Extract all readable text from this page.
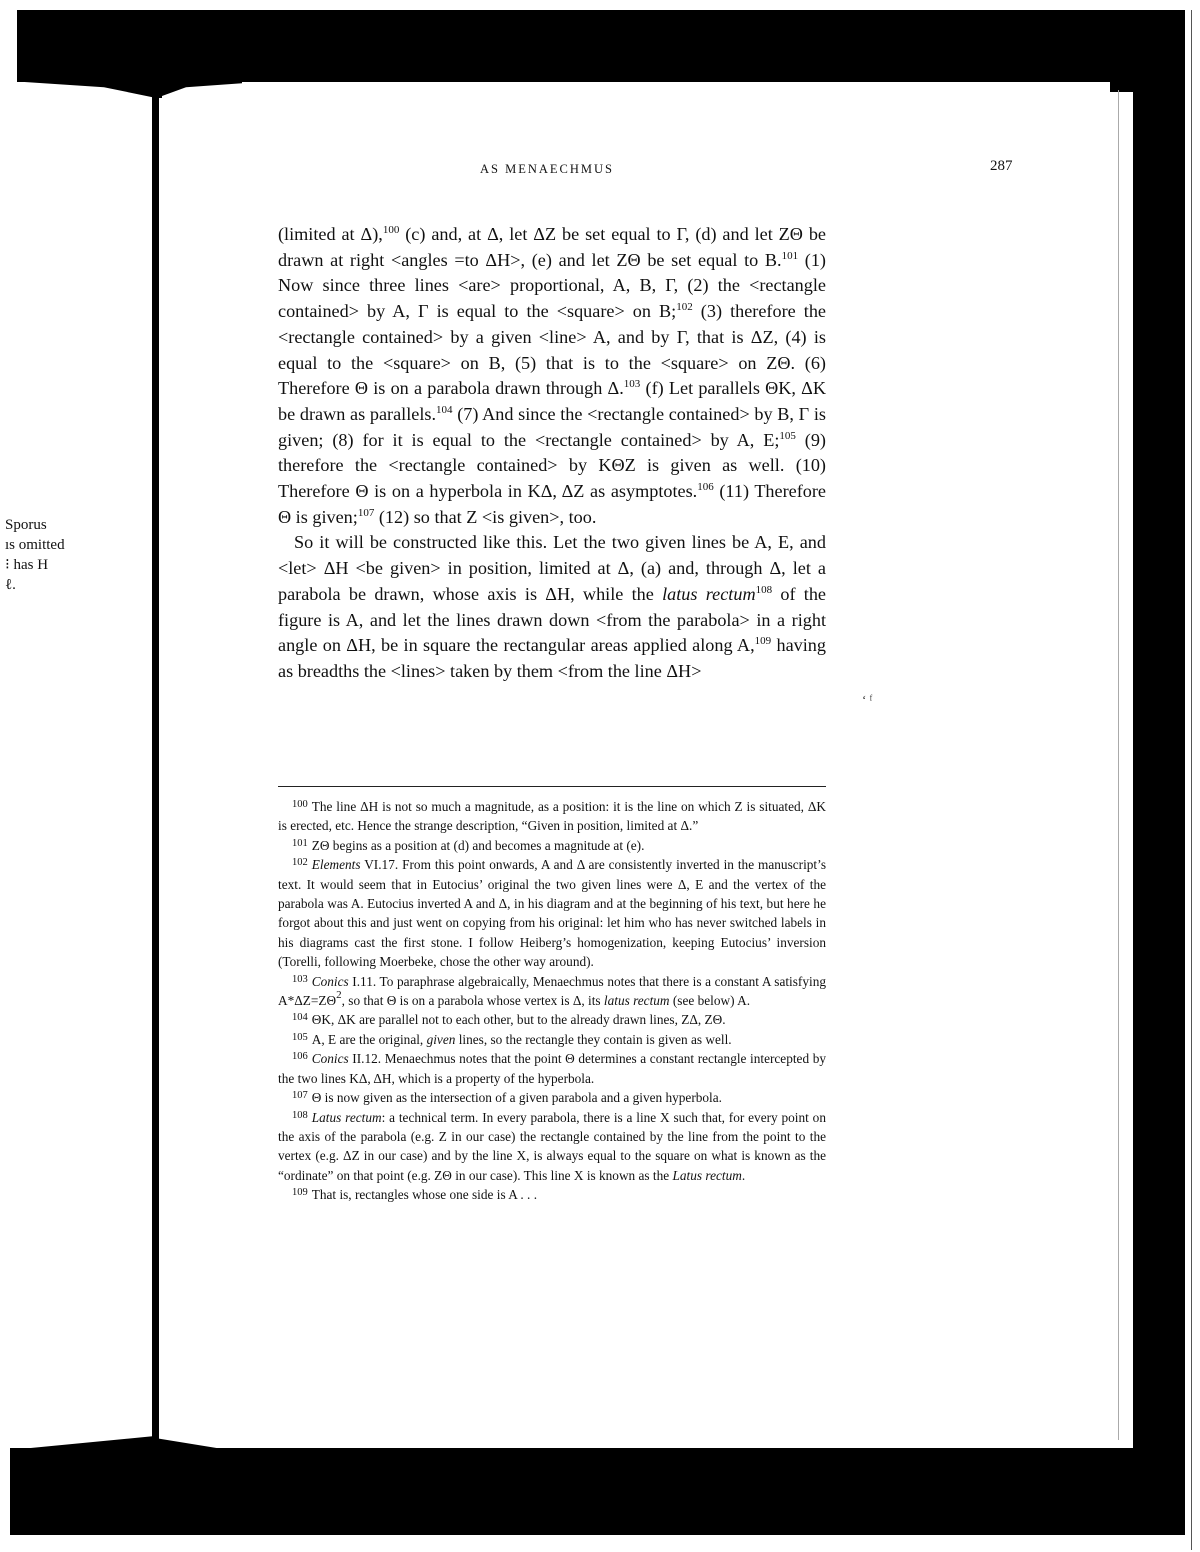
Sporus
ıs omitted
⁝ has H
ℓ.
AS MENAECHMUS	287

(limited at Δ),$^{100}$ (c) and, at Δ, let ΔZ be set equal to Γ, (d) and let ZΘ be drawn at right <angles =to ΔH>, (e) and let ZΘ be set equal to B.$^{101}$ (1) Now since three lines <are> proportional, A, B, Γ, (2) the <rectangle contained> by A, Γ is equal to the <square> on B;$^{102}$ (3) therefore the <rectangle contained> by a given <line> A, and by Γ, that is ΔZ, (4) is equal to the <square> on B, (5) that is to the <square> on ZΘ. (6) Therefore Θ is on a parabola drawn through Δ.$^{103}$ (f) Let parallels ΘK, ΔK be drawn as parallels.$^{104}$ (7) And since the <rectangle contained> by B, Γ is given; (8) for it is equal to the <rectangle contained> by A, E;$^{105}$ (9) therefore the <rectangle contained> by KΘZ is given as well. (10) Therefore Θ is on a hyperbola in KΔ, ΔZ as asymptotes.$^{106}$ (11) Therefore Θ is given;$^{107}$ (12) so that Z <is given>, too.

So it will be constructed like this. Let the two given lines be A, E, and <let> ΔH <be given> in position, limited at Δ, (a) and, through Δ, let a parabola be drawn, whose axis is ΔH, while the latus rectum$^{108}$ of the figure is A, and let the lines drawn down <from the parabola> in a right angle on ΔH, be in square the rectangular areas applied along A,$^{109}$ having as breadths the <lines> taken by them <from the line ΔH>

ʻ ᶠ

$^{100}$ The line ΔH is not so much a magnitude, as a position: it is the line on which Z is situated, ΔK is erected, etc. Hence the strange description, “Given in position, limited at Δ.”

$^{101}$ ZΘ begins as a position at (d) and becomes a magnitude at (e).

$^{102}$ Elements VI.17. From this point onwards, A and Δ are consistently inverted in the manuscript’s text. It would seem that in Eutocius’ original the two given lines were Δ, E and the vertex of the parabola was A. Eutocius inverted A and Δ, in his diagram and at the beginning of his text, but here he forgot about this and just went on copying from his original: let him who has never switched labels in his diagrams cast the first stone. I follow Heiberg’s homogenization, keeping Eutocius’ inversion (Torelli, following Moerbeke, chose the other way around).

$^{103}$ Conics I.11. To paraphrase algebraically, Menaechmus notes that there is a constant A satisfying $A*\Delta Z=Z\Theta^2$, so that Θ is on a parabola whose vertex is Δ, its latus rectum (see below) A.

$^{104}$ ΘK, ΔK are parallel not to each other, but to the already drawn lines, ZΔ, ZΘ.

$^{105}$ A, E are the original, given lines, so the rectangle they contain is given as well.

$^{106}$ Conics II.12. Menaechmus notes that the point Θ determines a constant rectangle intercepted by the two lines KΔ, ΔH, which is a property of the hyperbola.

$^{107}$ Θ is now given as the intersection of a given parabola and a given hyperbola.

$^{108}$ Latus rectum: a technical term. In every parabola, there is a line X such that, for every point on the axis of the parabola (e.g. Z in our case) the rectangle contained by the line from the point to the vertex (e.g. ΔZ in our case) and by the line X, is always equal to the square on what is known as the “ordinate” on that point (e.g. ZΘ in our case). This line X is known as the Latus rectum.

$^{109}$ That is, rectangles whose one side is A . . .
